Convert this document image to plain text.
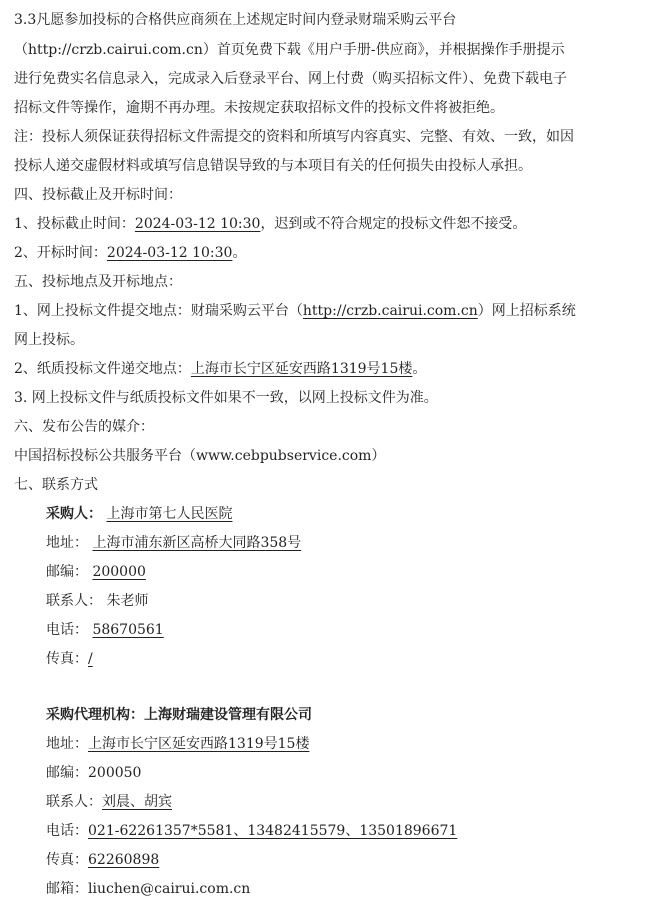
3.3凡愿参加投标的合格供应商须在上述规定时间内登录财瑞采购云平台
（http://crzb.cairui.com.cn）首页免费下载《用户手册-供应商》，并根据操作手册提示
进行免费实名信息录入，完成录入后登录平台、网上付费（购买招标文件）、免费下载电子
招标文件等操作，逾期不再办理。未按规定获取招标文件的投标文件将被拒绝。
注：投标人须保证获得招标文件需提交的资料和所填写内容真实、完整、有效、一致，如因
投标人递交虚假材料或填写信息错误导致的与本项目有关的任何损失由投标人承担。
四、投标截止及开标时间：
1、投标截止时间：2024-03-12 10:30，迟到或不符合规定的投标文件恕不接受。
2、开标时间：2024-03-12 10:30。
五、投标地点及开标地点：
1、网上投标文件提交地点：财瑞采购云平台（http://crzb.cairui.com.cn）网上招标系统
网上投标。
2、纸质投标文件递交地点：上海市长宁区延安西路1319号15楼。
3. 网上投标文件与纸质投标文件如果不一致，以网上投标文件为准。
六、发布公告的媒介：
中国招标投标公共服务平台（www.cebpubservice.com）
七、联系方式
采购人： 上海市第七人民医院
地址： 上海市浦东新区高桥大同路358号
邮编： 200000
联系人： 朱老师
电话： 58670561
传真：/
采购代理机构：上海财瑞建设管理有限公司
地址：上海市长宁区延安西路1319号15楼
邮编：200050
联系人：刘晨、胡宾
电话：021-62261357*5581、13482415579、13501896671
传真：62260898
邮箱：liuchen@cairui.com.cn
